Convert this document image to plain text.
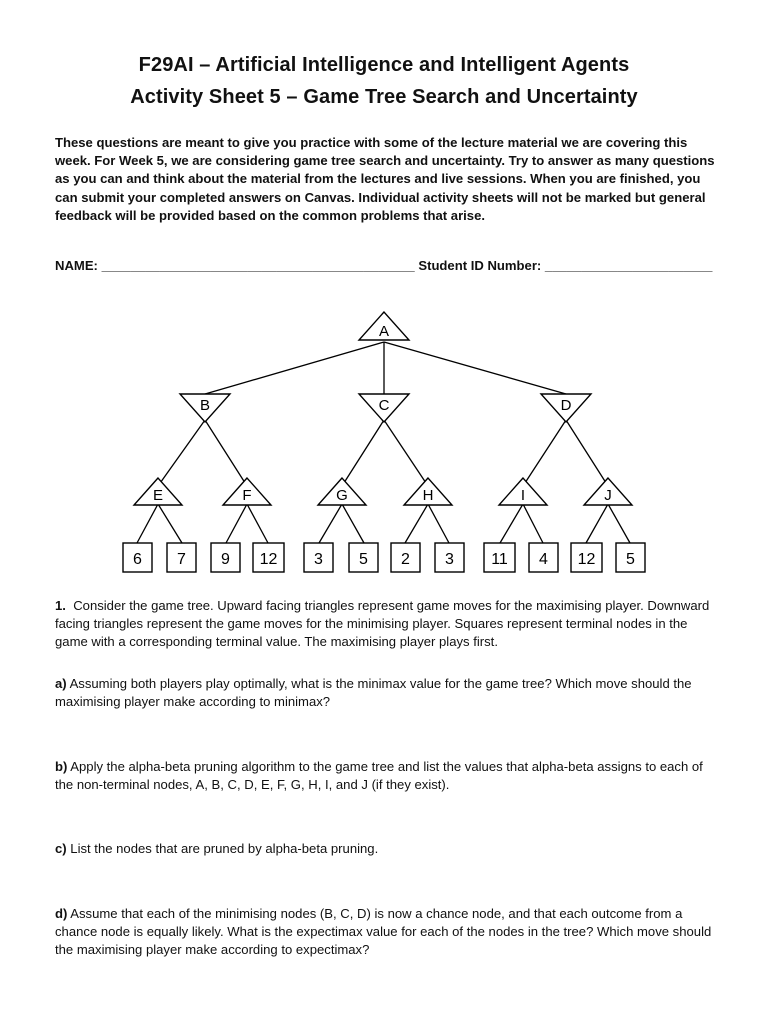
F29AI – Artificial Intelligence and Intelligent Agents
Activity Sheet 5 – Game Tree Search and Uncertainty

These questions are meant to give you practice with some of the lecture material we are covering this week. For Week 5, we are considering game tree search and uncertainty. Try to answer as many questions as you can and think about the material from the lectures and live sessions. When you are finished, you can submit your completed answers on Canvas. Individual activity sheets will not be marked but general feedback will be provided based on the common problems that arise.

NAME: ___________________________________________ Student ID Number: _______________________

A
B	C	D
E	F	G	H	I	J
6 7 9 12 3 5 2 3 11 4 12 5

1. Consider the game tree. Upward facing triangles represent game moves for the maximising player. Downward facing triangles represent the game moves for the minimising player. Squares represent terminal nodes in the game with a corresponding terminal value. The maximising player plays first.

a) Assuming both players play optimally, what is the minimax value for the game tree? Which move should the maximising player make according to minimax?

b) Apply the alpha-beta pruning algorithm to the game tree and list the values that alpha-beta assigns to each of the non-terminal nodes, A, B, C, D, E, F, G, H, I, and J (if they exist).

c) List the nodes that are pruned by alpha-beta pruning.

d) Assume that each of the minimising nodes (B, C, D) is now a chance node, and that each outcome from a chance node is equally likely. What is the expectimax value for each of the nodes in the tree? Which move should the maximising player make according to expectimax?
